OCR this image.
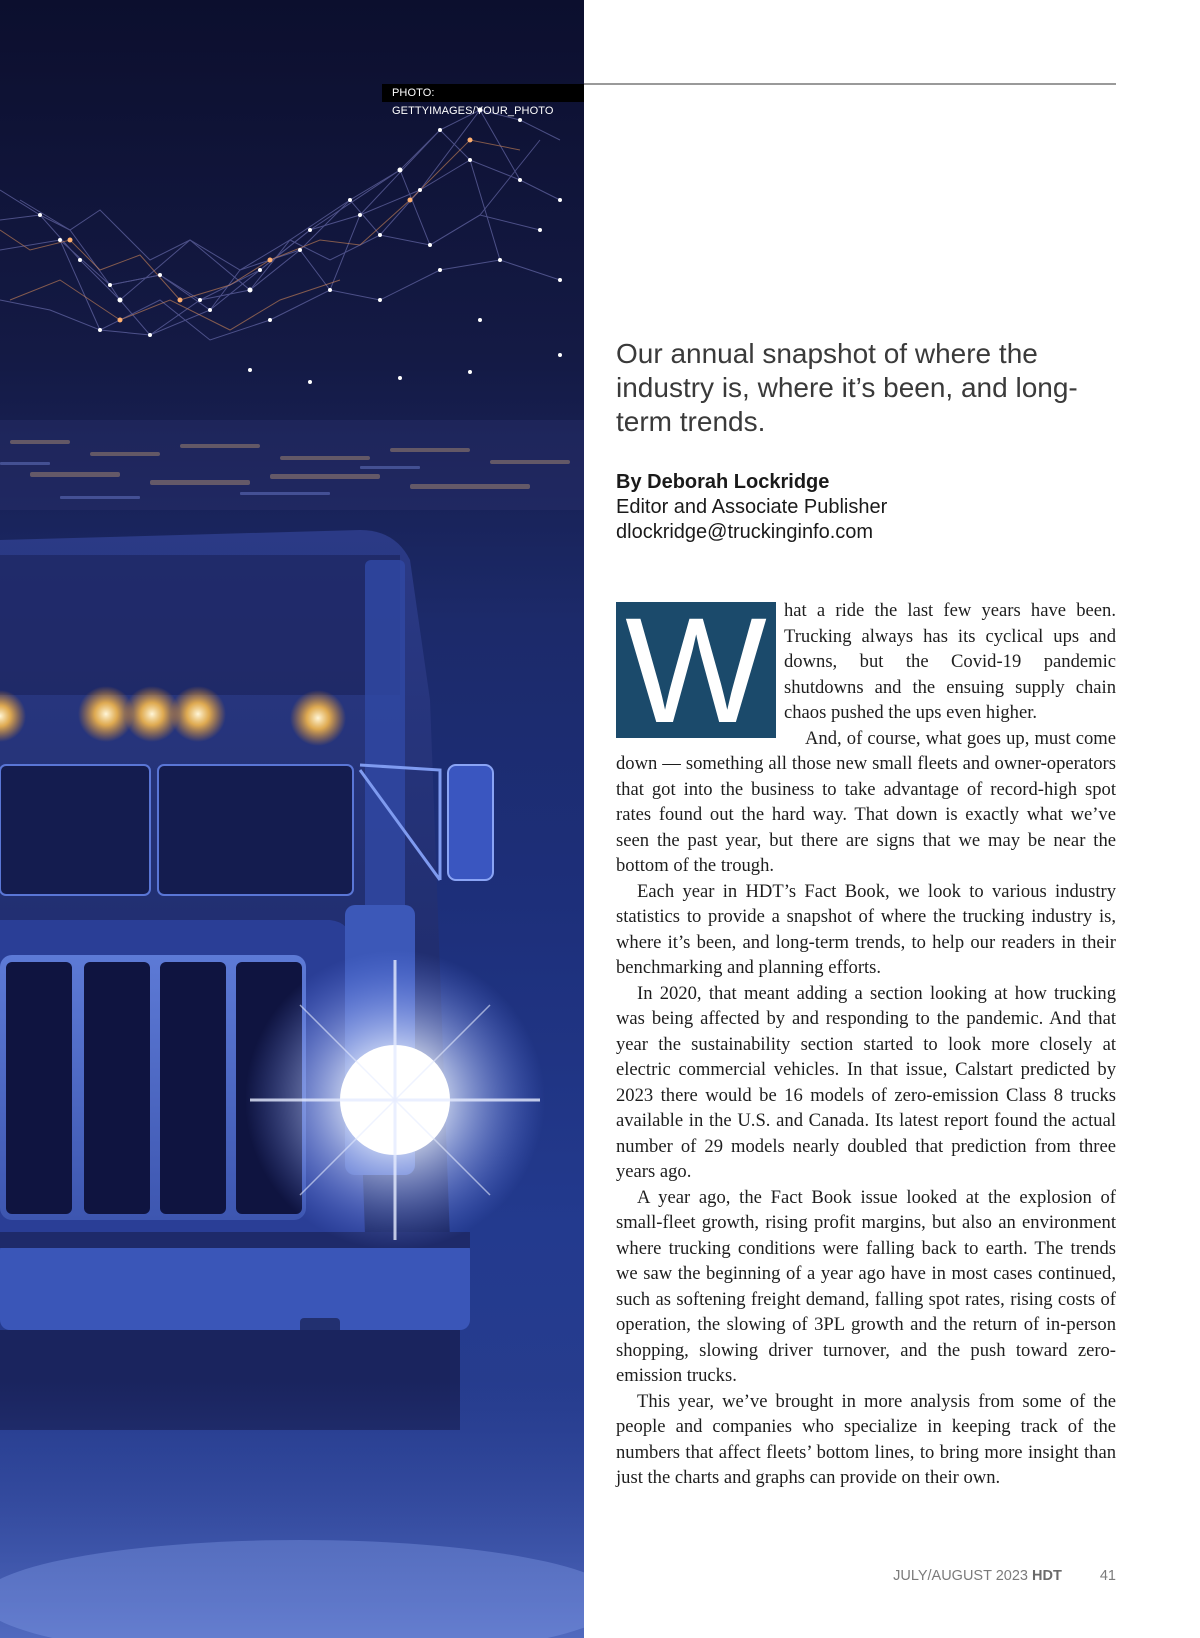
PHOTO: GETTYIMAGES/YOUR_PHOTO
Our annual snapshot of where the industry is, where it’s been, and long-term trends.
By Deborah Lockridge
Editor and Associate Publisher
dlockridge@truckinginfo.com

W hat a ride the last few years have been. Trucking always has its cyclical ups and downs, but the Covid-19 pandemic shutdowns and the ensuing supply chain chaos pushed the ups even higher.

And, of course, what goes up, must come down — something all those new small fleets and owner-operators that got into the business to take advantage of record-high spot rates found out the hard way. That down is exactly what we’ve seen the past year, but there are signs that we may be near the bottom of the trough.

Each year in HDT’s Fact Book, we look to various industry statistics to provide a snapshot of where the trucking industry is, where it’s been, and long-term trends, to help our readers in their benchmarking and planning efforts.

In 2020, that meant adding a section looking at how trucking was being affected by and responding to the pandemic. And that year the sustainability section started to look more closely at electric commercial vehicles. In that issue, Calstart predicted by 2023 there would be 16 models of zero-emission Class 8 trucks available in the U.S. and Canada. Its latest report found the actual number of 29 models nearly doubled that prediction from three years ago.

A year ago, the Fact Book issue looked at the explosion of small-fleet growth, rising profit margins, but also an environment where trucking conditions were falling back to earth. The trends we saw the beginning of a year ago have in most cases continued, such as softening freight demand, falling spot rates, rising costs of operation, the slowing of 3PL growth and the return of in-person shopping, slowing driver turnover, and the push toward zero-emission trucks.

This year, we’ve brought in more analysis from some of the people and companies who specialize in keeping track of the numbers that affect fleets’ bottom lines, to bring more insight than just the charts and graphs can provide on their own.

JULY/AUGUST 2023 HDT	41
